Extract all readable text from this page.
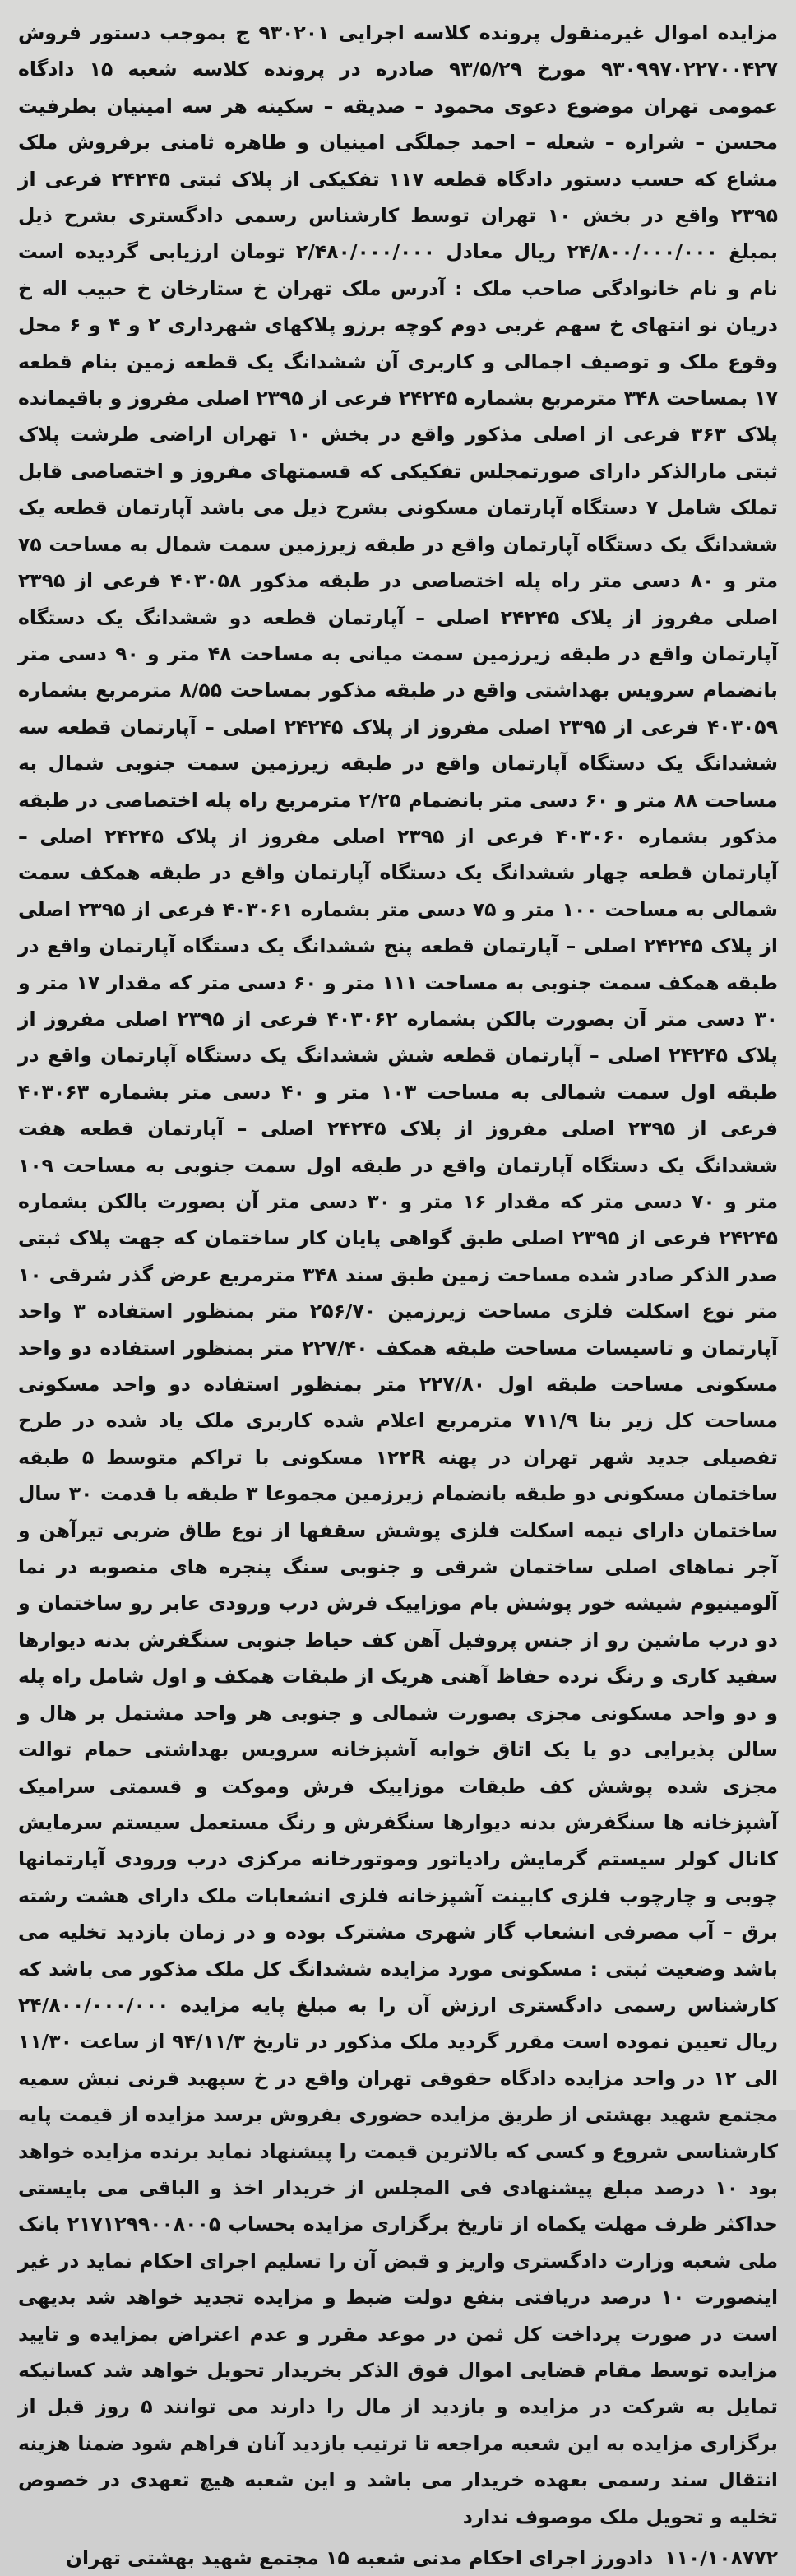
مزایده اموال غیرمنقول پرونده کلاسه اجرایی ۹۳۰۲۰۱ ج بموجب دستور فروش ۹۳۰۹۹۷۰۲۲۷۰۰۴۲۷ مورخ ۹۳/۵/۲۹ صادره در پرونده کلاسه شعبه ۱۵ دادگاه عمومی تهران موضوع دعوی محمود – صدیقه – سکینه هر سه امینیان بطرفیت محسن – شراره – شعله – احمد جملگی امینیان و طاهره ثامنی برفروش ملک مشاع که حسب دستور دادگاه قطعه ۱۱۷ تفکیکی از پلاک ثبتی ۲۴۲۴۵ فرعی از ۲۳۹۵ واقع در بخش ۱۰ تهران توسط کارشناس رسمی دادگستری بشرح ذیل بمبلغ ۲۴/۸۰۰/۰۰۰/۰۰۰ ریال معادل ۲/۴۸۰/۰۰۰/۰۰۰ تومان ارزیابی گردیده است نام و نام خانوادگی صاحب ملک : آدرس ملک تهران خ ستارخان خ حبیب اله خ دریان نو انتهای خ سهم غربی دوم کوچه برزو پلاکهای شهرداری ۲ و ۴ و ۶ محل وقوع ملک و توصیف اجمالی و کاربری آن ششدانگ یک قطعه زمین بنام قطعه ۱۷ بمساحت ۳۴۸ مترمربع بشماره ۲۴۲۴۵ فرعی از ۲۳۹۵ اصلی مفروز و باقیمانده پلاک ۳۶۳ فرعی از اصلی مذکور واقع در بخش ۱۰ تهران اراضی طرشت پلاک ثبتی مارالذکر دارای صورتمجلس تفکیکی که قسمتهای مفروز و اختصاصی قابل تملک شامل ۷ دستگاه آپارتمان مسکونی بشرح ذیل می باشد آپارتمان قطعه یک ششدانگ یک دستگاه آپارتمان واقع در طبقه زیرزمین سمت شمال به مساحت ۷۵ متر و ۸۰ دسی متر راه پله اختصاصی در طبقه مذکور ۴۰۳۰۵۸ فرعی از ۲۳۹۵ اصلی مفروز از پلاک ۲۴۲۴۵ اصلی – آپارتمان قطعه دو ششدانگ یک دستگاه آپارتمان واقع در طبقه زیرزمین سمت میانی به مساحت ۴۸ متر و ۹۰ دسی متر بانضمام سرویس بهداشتی واقع در طبقه مذکور بمساحت ۸/۵۵ مترمربع بشماره ۴۰۳۰۵۹ فرعی از ۲۳۹۵ اصلی مفروز از پلاک ۲۴۲۴۵ اصلی – آپارتمان قطعه سه ششدانگ یک دستگاه آپارتمان واقع در طبقه زیرزمین سمت جنوبی شمال به مساحت ۸۸ متر و ۶۰ دسی متر بانضمام ۲/۲۵ مترمربع راه پله اختصاصی در طبقه مذکور بشماره ۴۰۳۰۶۰ فرعی از ۲۳۹۵ اصلی مفروز از پلاک ۲۴۲۴۵ اصلی – آپارتمان قطعه چهار ششدانگ یک دستگاه آپارتمان واقع در طبقه همکف سمت شمالی به مساحت ۱۰۰ متر و ۷۵ دسی متر بشماره ۴۰۳۰۶۱ فرعی از ۲۳۹۵ اصلی از پلاک ۲۴۲۴۵ اصلی – آپارتمان قطعه پنج ششدانگ یک دستگاه آپارتمان واقع در طبقه همکف سمت جنوبی به مساحت ۱۱۱ متر و ۶۰ دسی متر که مقدار ۱۷ متر و ۳۰ دسی متر آن بصورت بالکن بشماره ۴۰۳۰۶۲ فرعی از ۲۳۹۵ اصلی مفروز از پلاک ۲۴۲۴۵ اصلی – آپارتمان قطعه شش ششدانگ یک دستگاه آپارتمان واقع در طبقه اول سمت شمالی به مساحت ۱۰۳ متر و ۴۰ دسی متر بشماره ۴۰۳۰۶۳ فرعی از ۲۳۹۵ اصلی مفروز از پلاک ۲۴۲۴۵ اصلی – آپارتمان قطعه هفت ششدانگ یک دستگاه آپارتمان واقع در طبقه اول سمت جنوبی به مساحت ۱۰۹ متر و ۷۰ دسی متر که مقدار ۱۶ متر و ۳۰ دسی متر آن بصورت بالکن بشماره ۲۴۲۴۵ فرعی از ۲۳۹۵ اصلی طبق گواهی پایان کار ساختمان که جهت پلاک ثبتی صدر الذکر صادر شده مساحت زمین طبق سند ۳۴۸ مترمربع عرض گذر شرقی ۱۰ متر نوع اسکلت فلزی مساحت زیرزمین ۲۵۶/۷۰ متر بمنظور استفاده ۳ واحد آپارتمان و تاسیسات مساحت طبقه همکف ۲۲۷/۴۰ متر بمنظور استفاده دو واحد مسکونی مساحت طبقه اول ۲۲۷/۸۰ متر بمنظور استفاده دو واحد مسکونی مساحت کل زیر بنا ۷۱۱/۹ مترمربع اعلام شده کاربری ملک یاد شده در طرح تفصیلی جدید شهر تهران در پهنه ۱۲۲R مسکونی با تراکم متوسط ۵ طبقه ساختمان مسکونی دو طبقه بانضمام زیرزمین مجموعا ۳ طبقه با قدمت ۳۰ سال ساختمان دارای نیمه اسکلت فلزی پوشش سقفها از نوع طاق ضربی تیرآهن و آجر نماهای اصلی ساختمان شرقی و جنوبی سنگ پنجره های منصوبه در نما آلومینیوم شیشه خور پوشش بام موزاییک فرش درب ورودی عابر رو ساختمان و دو درب ماشین رو از جنس پروفیل آهن کف حیاط جنوبی سنگفرش بدنه دیوارها سفید کاری و رنگ نرده حفاظ آهنی هریک از طبقات همکف و اول شامل راه پله و دو واحد مسکونی مجزی بصورت شمالی و جنوبی هر واحد مشتمل بر هال و سالن پذیرایی دو یا یک اتاق خوابه آشپزخانه سرویس بهداشتی حمام توالت مجزی شده پوشش کف طبقات موزاییک فرش وموکت و قسمتی سرامیک آشپزخانه ها سنگفرش بدنه دیوارها سنگفرش و رنگ مستعمل سیستم سرمایش کانال کولر سیستم گرمایش رادیاتور وموتورخانه مرکزی درب ورودی آپارتمانها چوبی و چارچوب فلزی کابینت آشپزخانه فلزی انشعابات ملک دارای هشت رشته برق – آب مصرفی انشعاب گاز شهری مشترک بوده و در زمان بازدید تخلیه می باشد وضعیت ثبتی : مسکونی مورد مزایده ششدانگ کل ملک مذکور می باشد که کارشناس رسمی دادگستری ارزش آن را به مبلغ پایه مزایده ۲۴/۸۰۰/۰۰۰/۰۰۰ ریال تعیین نموده است مقرر گردید ملک مذکور در تاریخ ۹۴/۱۱/۳ از ساعت ۱۱/۳۰ الی ۱۲ در واحد مزایده دادگاه حقوقی تهران واقع در خ سپهبد قرنی نبش سمیه مجتمع شهید بهشتی از طریق مزایده حضوری بفروش برسد مزایده از قیمت پایه کارشناسی شروع و کسی که بالاترین قیمت را پیشنهاد نماید برنده مزایده خواهد بود ۱۰ درصد مبلغ پیشنهادی فی المجلس از خریدار اخذ و الباقی می بایستی حداکثر ظرف مهلت یکماه از تاریخ برگزاری مزایده بحساب ۲۱۷۱۲۹۹۰۰۸۰۰۵ بانک ملی شعبه وزارت دادگستری واریز و قبض آن را تسلیم اجرای احکام نماید در غیر اینصورت ۱۰ درصد دریافتی بنفع دولت ضبط و مزایده تجدید خواهد شد بدیهی است در صورت پرداخت کل ثمن در موعد مقرر و عدم اعتراض بمزایده و تایید مزایده توسط مقام قضایی اموال فوق الذکر بخریدار تحویل خواهد شد کسانیکه تمایل به شرکت در مزایده و بازدید از مال را دارند می توانند ۵ روز قبل از برگزاری مزایده به این شعبه مراجعه تا ترتیب بازدید آنان فراهم شود ضمنا هزینه انتقال سند رسمی بعهده خریدار می باشد و این شعبه هیچ تعهدی در خصوص تخلیه و تحویل ملک موصوف ندارد

۱۱۰/۱۰۸۷۷۲
دادورز اجرای احکام مدنی شعبه ۱۵ مجتمع شهید بهشتی تهران
